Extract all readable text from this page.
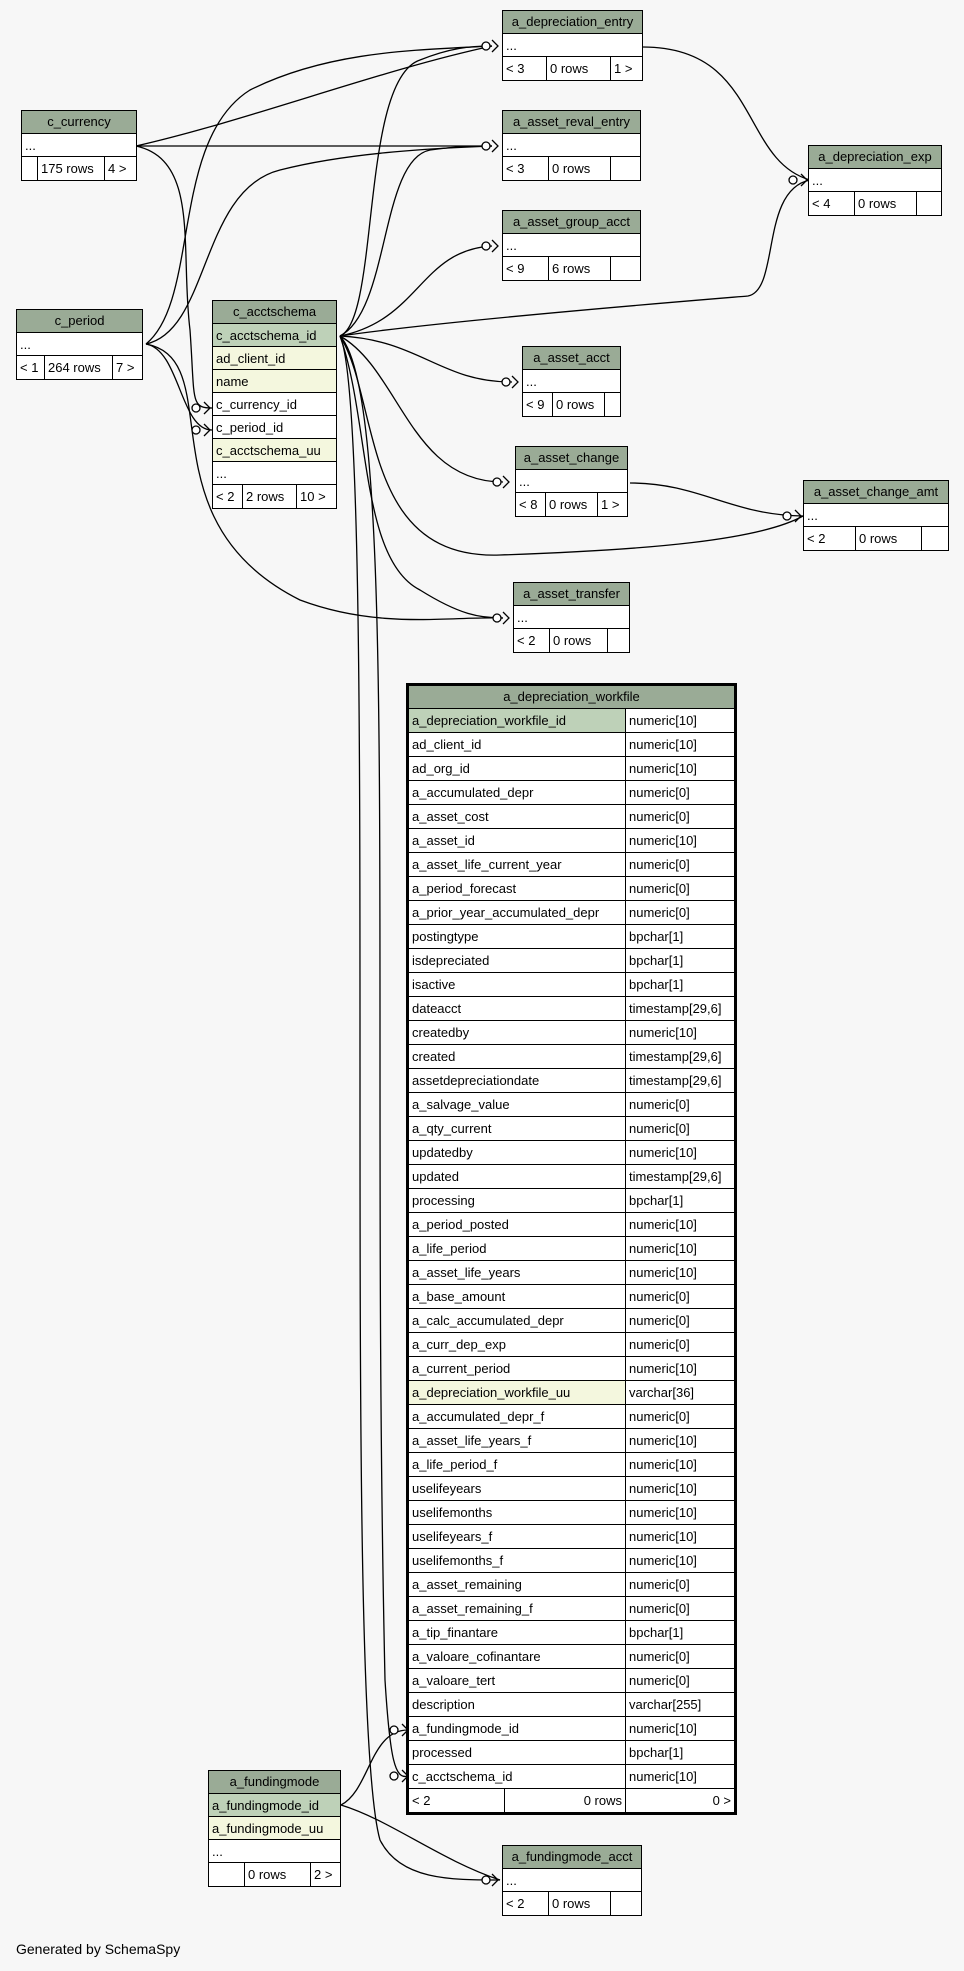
c_currency
...
175 rows	4 >
c_period
...
< 1 264 rows	7 >
c_acctschema
c_acctschema_id
ad_client_id
name
c_currency_id
c_period_id
c_acctschema_uu
...
< 2 2 rows	10 >
a_depreciation_entry
...
< 3	0 rows	1 >
a_asset_reval_entry
...
< 3	0 rows
a_asset_group_acct
...
< 9	6 rows
a_depreciation_exp
...
< 4	0 rows
a_asset_acct
...
< 9 0 rows
a_asset_change
...
< 8 0 rows	1 >
a_asset_change_amt
...
< 2	0 rows
a_asset_transfer
...
< 2	0 rows
a_fundingmode
a_fundingmode_id
a_fundingmode_uu
...
0 rows	2 >
a_fundingmode_acct
...
< 2	0 rows
a_depreciation_workfile
a_depreciation_workfile_id	numeric[10]
ad_client_id	numeric[10]
ad_org_id	numeric[10]
a_accumulated_depr	numeric[0]
a_asset_cost	numeric[0]
a_asset_id	numeric[10]
a_asset_life_current_year	numeric[0]
a_period_forecast	numeric[0]
a_prior_year_accumulated_depr	numeric[0]
postingtype	bpchar[1]
isdepreciated	bpchar[1]
isactive	bpchar[1]
dateacct	timestamp[29,6]
createdby	numeric[10]
created	timestamp[29,6]
assetdepreciationdate	timestamp[29,6]
a_salvage_value	numeric[0]
a_qty_current	numeric[0]
updatedby	numeric[10]
updated	timestamp[29,6]
processing	bpchar[1]
a_period_posted	numeric[10]
a_life_period	numeric[10]
a_asset_life_years	numeric[10]
a_base_amount	numeric[0]
a_calc_accumulated_depr	numeric[0]
a_curr_dep_exp	numeric[0]
a_current_period	numeric[10]
a_depreciation_workfile_uu	varchar[36]
a_accumulated_depr_f	numeric[0]
a_asset_life_years_f	numeric[10]
a_life_period_f	numeric[10]
uselifeyears	numeric[10]
uselifemonths	numeric[10]
uselifeyears_f	numeric[10]
uselifemonths_f	numeric[10]
a_asset_remaining	numeric[0]
a_asset_remaining_f	numeric[0]
a_tip_finantare	bpchar[1]
a_valoare_cofinantare	numeric[0]
a_valoare_tert	numeric[0]
description	varchar[255]
a_fundingmode_id	numeric[10]
processed	bpchar[1]
c_acctschema_id	numeric[10]
< 2	0 rows	0 >
Generated by SchemaSpy
